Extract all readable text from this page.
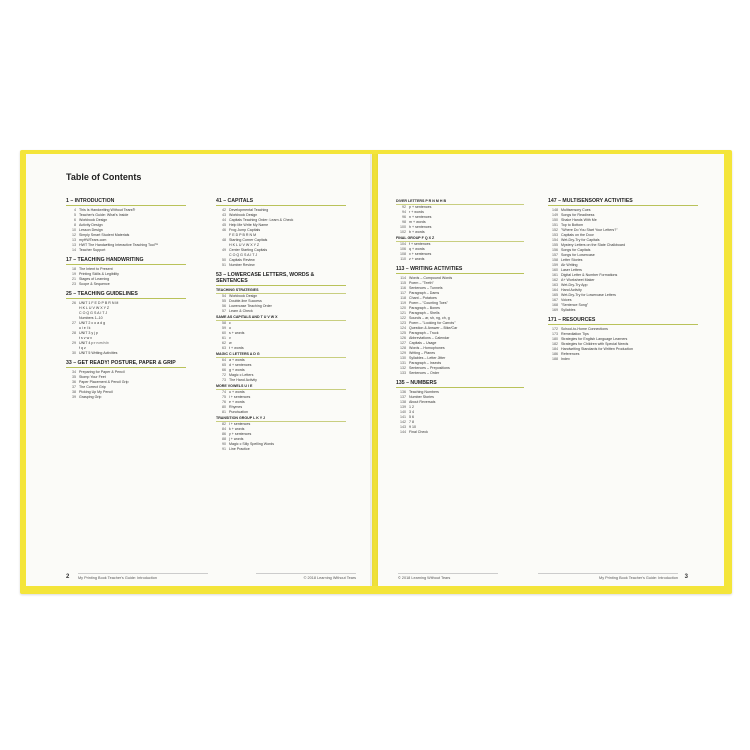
Table of Contents
1 – INTRODUCTION
4 This Is Handwriting Without Tears®
5 Teacher's Guide: What's Inside
6 Workbook Design
8 Activity Design
10 Lesson Design
12 Simply Smart Student Materials
13 myHWTears.com
13 HWT The Handwriting Interactive Teaching Tool™
14 Teacher Support
17 – TEACHING HANDWRITING
18 The Intent to Present
19 Printing Skills & Legibility
21 Stages of Learning
23 Scope & Sequence
25 – TEACHING GUIDELINES
26 UNIT 1 F E D P B R N M
H K L U V W X Y Z
C O Q G S A I T J
Numbers 1–10
27 UNIT 2 c o a d g
u i e l k
28 UNIT 3 y j p
t s v w x
29 UNIT 4 p r n m h b
f q z
30 UNIT 5 Writing Activities
33 – GET READY! POSTURE, PAPER & GRIP
34 Preparing for Paper & Pencil
35 Stomp Your Feet
36 Paper Placement & Pencil Grip
37 The Correct Grip
38 Picking Up My Pencil
39 Grasping Grip
41 – CAPITALS
42 Developmental Teaching
43 Workbook Design
44 Capitals Teaching Order: Learn & Check
45 Help Me Write My Name
46 Frog Jump Capitals
F E D P B R N M
48 Starting Corner Capitals
H K L U V W X Y Z
49 Center Starting Capitals
C O Q G S A I T J
50 Capitals Review
51 Number Review
53 – LOWERCASE LETTERS, WORDS & SENTENCES
TEACHING STRATEGIES
54 Workbook Design
55 Double-line Success
56 Lowercase Teaching Order
57 Learn & Check
SAME AS CAPITALS AND T U V W X
58 c
59 o
60 s + words
61 v
62 w
63 t + words
MAGIC C LETTERS A D G
64 a + words
65 d + sentences
66 g + words
72 Magic c Letters
73 The Hand Activity
MORE VOWELS U I E
74 u + words
75 i + sentences
76 e + words
80 Rhymes
81 Punctuation
TRANSITION GROUP L K Y J
82 l + sentences
84 k + words
86 y + sentences
88 j + words
90 Magic c Silly Spelling Words
91 Line Practice
2 My Printing Book Teacher's Guide: Introduction	© 2018 Learning Without Tears
DIVER LETTERS P R N M H B
92 p + sentences
94 r + words
96 n + sentences
98 m + words
100 h + sentences
102 b + words
FINAL GROUP F Q X Z
104 f + sentences
106 q + words
108 x + sentences
110 z + words
113 – WRITING ACTIVITIES
114 Words – Compound Words
115 Poem – "Teeth"
116 Sentences – Tunnels
117 Paragraph – Dams
118 Chant – Potatoes
119 Poem – "Counting Toes"
120 Paragraph – Bones
121 Paragraph – Shells
122 Sounds – ar, sh, ng, ch, g
123 Poem – "Looking for Carrots"
124 Question & Answer – Bike/Car
125 Paragraph – Truck
126 Abbreviations – Calendar
127 Capitals – Usage
128 Words – Homophones
129 Writing – Planes
130 Syllables – Letter Jitter
131 Paragraph – Insects
132 Sentences – Prepositions
133 Sentences – Order
135 – NUMBERS
136 Teaching Numbers
137 Number Stories
138 About Reversals
139 1 2
140 3 4
141 5 6
142 7 8
143 9 10
144 Final Check
147 – MULTISENSORY ACTIVITIES
148 Multisensory Cues
149 Songs for Readiness
150 Shake Hands With Me
151 Top to Bottom
152 "Where Do You Start Your Letters?"
153 Capitals on the Door
154 Wet-Dry-Try for Capitals
155 Mystery Letters on the Slate Chalkboard
156 Songs for Capitals
157 Songs for Lowercase
158 Letter Stories
159 Air Writing
160 Laser Letters
161 Digital Letter & Number Formations
162 A+ Worksheet Maker
163 Wet-Dry-Try App
164 Hand Activity
165 Wet-Dry-Try for Lowercase Letters
167 Voices
168 "Sentence Song"
169 Syllables
171 – RESOURCES
172 School-to-Home Connections
173 Remediation Tips
180 Strategies for English Language Learners
182 Strategies for Children with Special Needs
184 Handwriting Standards for Written Production
186 References
188 Index
3
© 2018 Learning Without Tears	My Printing Book Teacher's Guide: Introduction
